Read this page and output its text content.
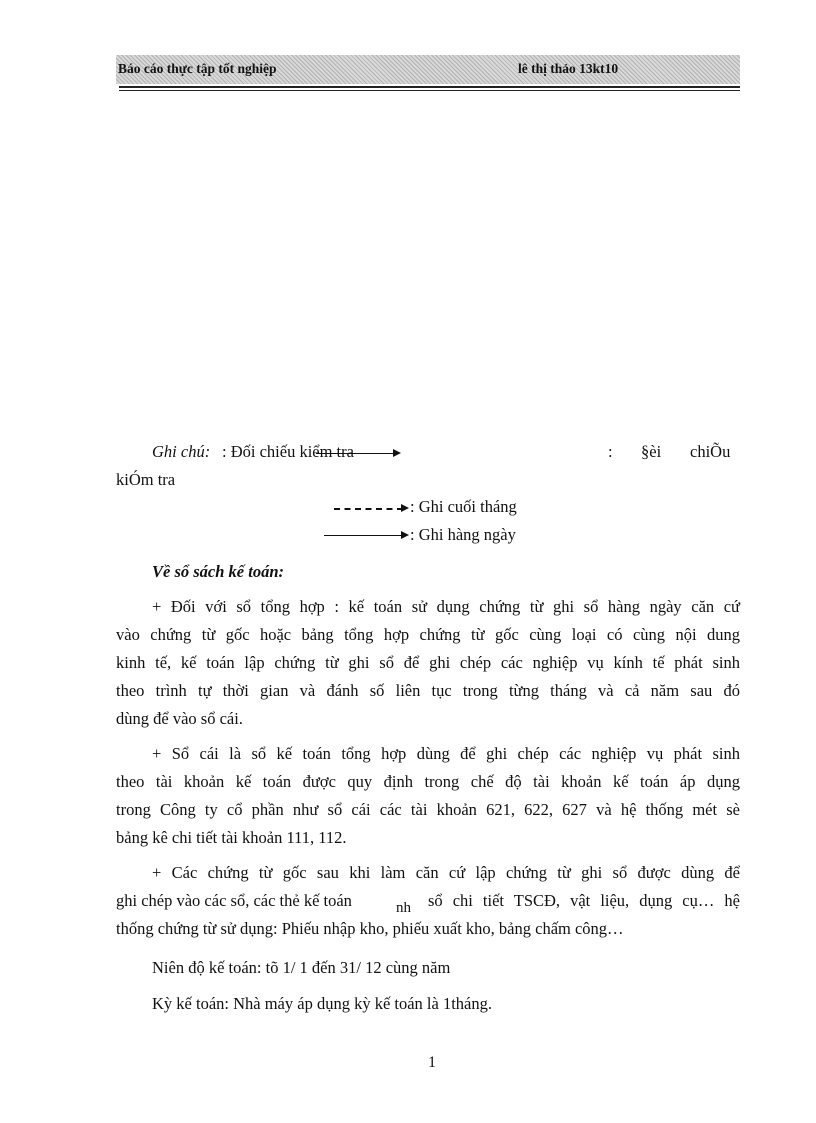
Báo cáo thực tập tốt nghiệp	lê thị thảo 13kt10
Ghi chú: : Đối chiếu kiểm tra	: §èi chiÕu
kiÓm tra
: Ghi cuối tháng
: Ghi hàng ngày
Về sổ sách kế toán:
+ Đối với sổ tổng hợp : kế toán sử dụng chứng từ ghi sổ hàng ngày căn cứ
vào chứng từ gốc hoặc bảng tổng hợp chứng từ gốc cùng loại có cùng nội dung
kinh tế, kế toán lập chứng từ ghi sổ để ghi chép các nghiệp vụ kính tế phát sinh
theo trình tự thời gian và đánh số liên tục trong từng tháng và cả năm sau đó
dùng để vào sổ cái.
+ Sổ cái là sổ kế toán tổng hợp dùng để ghi chép các nghiệp vụ phát sinh
theo tài khoản kế toán được quy định trong chế độ tài khoản kế toán áp dụng
trong Công ty cổ phần như sổ cái các tài khoản 621, 622, 627 và hệ thống mét sè
bảng kê chi tiết tài khoản 111, 112.
+ Các chứng từ gốc sau khi làm căn cứ lập chứng từ ghi sổ được dùng để
ghi chép vào các sổ, các thẻ kế toán	nh sổ chi tiết TSCĐ, vật liệu, dụng cụ… hệ
thống chứng từ sử dụng: Phiếu nhập kho, phiếu xuất kho, bảng chấm công…
Niên độ kế toán: tõ 1/ 1 đến 31/ 12 cùng năm
Kỳ kế toán: Nhà máy áp dụng kỳ kế toán là 1tháng.
1
